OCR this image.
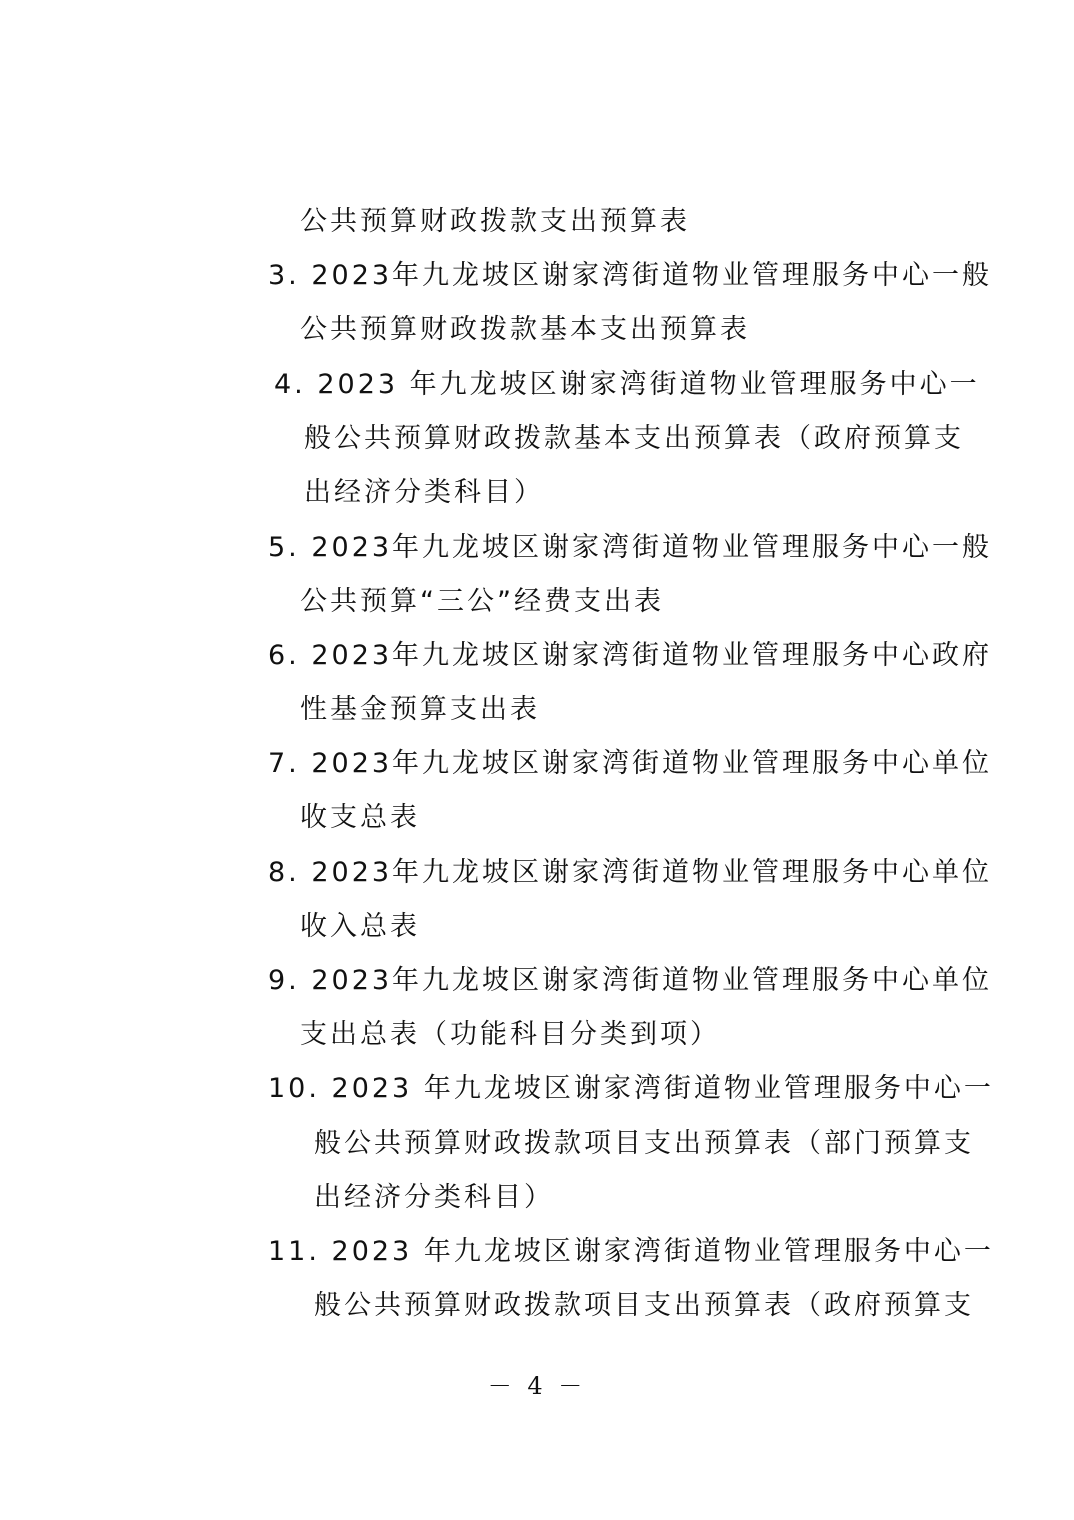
公共预算财政拨款支出预算表
3. 2023年九龙坡区谢家湾街道物业管理服务中心一般
公共预算财政拨款基本支出预算表
4. 2023 年九龙坡区谢家湾街道物业管理服务中心一
般公共预算财政拨款基本支出预算表（政府预算支
出经济分类科目）
5. 2023年九龙坡区谢家湾街道物业管理服务中心一般
公共预算“三公”经费支出表
6. 2023年九龙坡区谢家湾街道物业管理服务中心政府
性基金预算支出表
7. 2023年九龙坡区谢家湾街道物业管理服务中心单位
收支总表
8. 2023年九龙坡区谢家湾街道物业管理服务中心单位
收入总表
9. 2023年九龙坡区谢家湾街道物业管理服务中心单位
支出总表（功能科目分类到项）
10. 2023 年九龙坡区谢家湾街道物业管理服务中心一
般公共预算财政拨款项目支出预算表（部门预算支
出经济分类科目）
11. 2023 年九龙坡区谢家湾街道物业管理服务中心一
般公共预算财政拨款项目支出预算表（政府预算支
－ 4 －
